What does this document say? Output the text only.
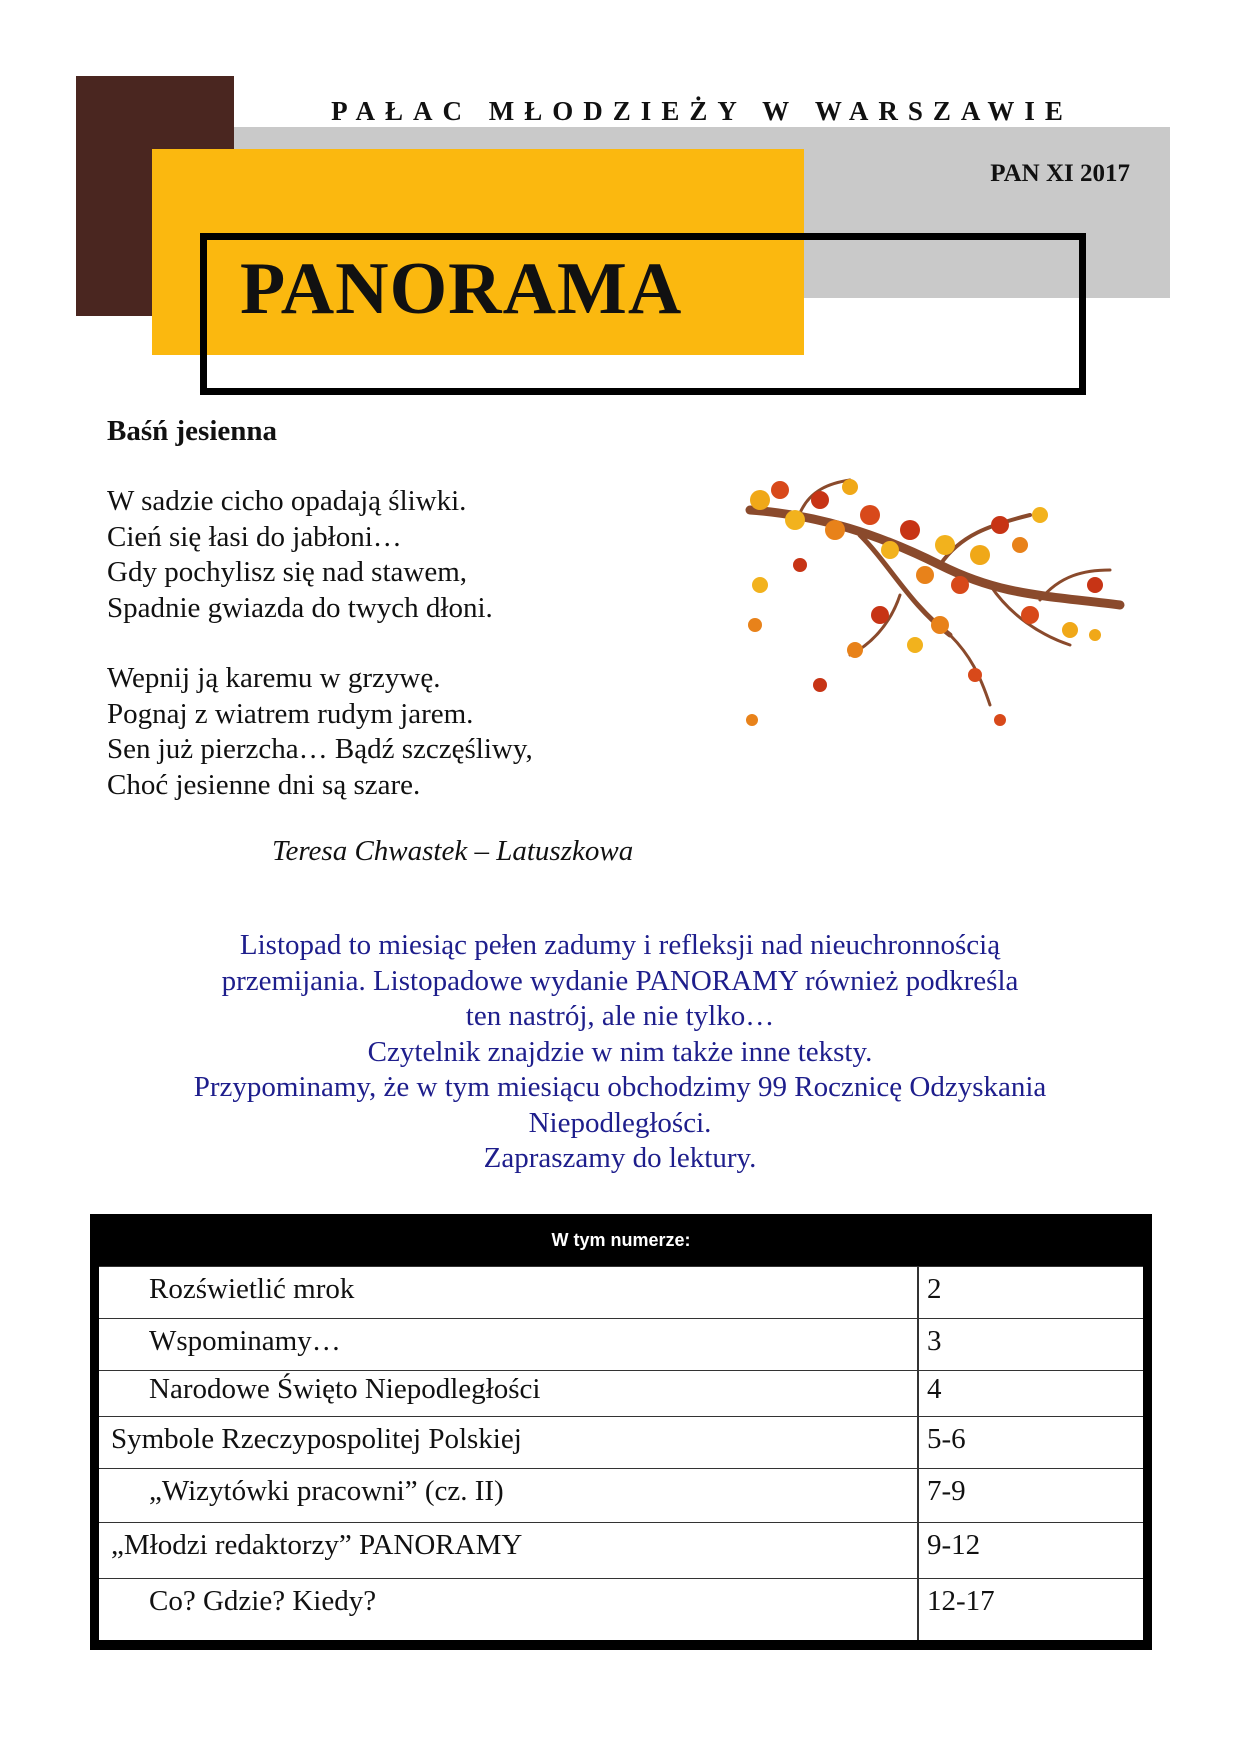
PAŁAC MŁODZIEŻY W WARSZAWIE
PAN XI 2017
PANORAMA
Baśń jesienna
W sadzie cicho opadają śliwki.
Cień się łasi do jabłoni…
Gdy pochylisz się nad stawem,
Spadnie gwiazda do twych dłoni.
Wepnij ją karemu w grzywę.
Pognaj z wiatrem rudym jarem.
Sen już pierzcha… Bądź szczęśliwy,
Choć jesienne dni są szare.
Teresa Chwastek – Latuszkowa
Listopad to miesiąc pełen zadumy i refleksji nad nieuchronnością
przemijania. Listopadowe wydanie PANORAMY również podkreśla
ten nastrój, ale nie tylko…
Czytelnik znajdzie w nim także inne teksty.
Przypominamy, że w tym miesiącu obchodzimy 99 Rocznicę Odzyskania
Niepodległości.
Zapraszamy do lektury.
W tym numerze:
Rozświetlić mrok	2
Wspominamy…	3
Narodowe Święto Niepodległości	4
Symbole Rzeczypospolitej Polskiej	5-6
„Wizytówki pracowni” (cz. II)	7-9
„Młodzi redaktorzy” PANORAMY	9-12
Co? Gdzie? Kiedy?	12-17
